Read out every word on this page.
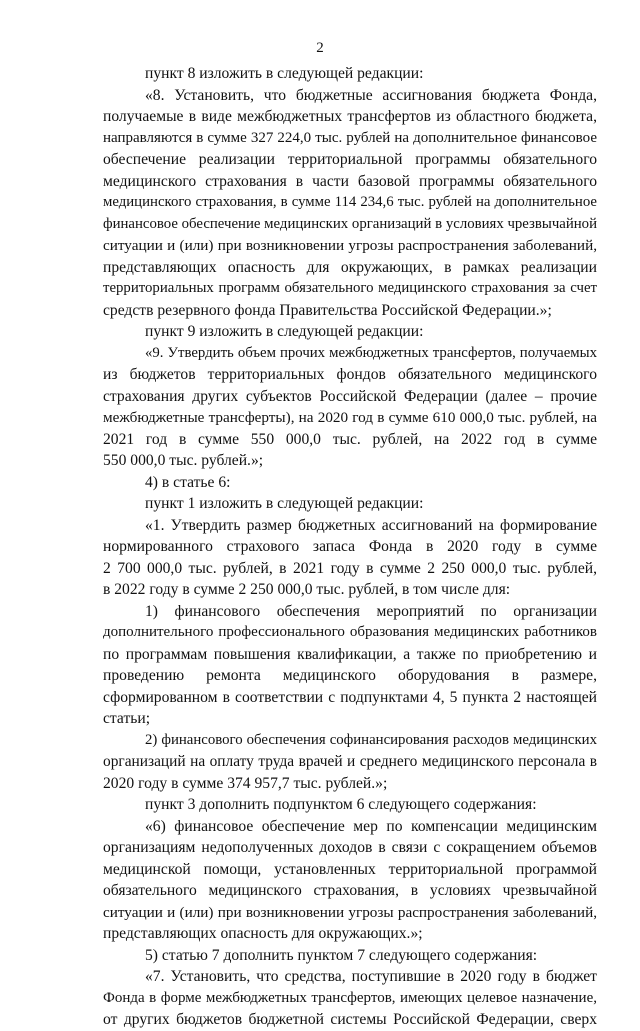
2
пункт 8 изложить в следующей редакции:
«8. Установить, что бюджетные ассигнования бюджета Фонда,
получаемые в виде межбюджетных трансфертов из областного бюджета,
направляются в сумме 327 224,0 тыс. рублей на дополнительное финансовое
обеспечение реализации территориальной программы обязательного
медицинского страхования в части базовой программы обязательного
медицинского страхования, в сумме 114 234,6 тыс. рублей на дополнительное
финансовое обеспечение медицинских организаций в условиях чрезвычайной
ситуации и (или) при возникновении угрозы распространения заболеваний,
представляющих опасность для окружающих, в рамках реализации
территориальных программ обязательного медицинского страхования за счет
средств резервного фонда Правительства Российской Федерации.»;
пункт 9 изложить в следующей редакции:
«9. Утвердить объем прочих межбюджетных трансфертов, получаемых
из бюджетов территориальных фондов обязательного медицинского
страхования других субъектов Российской Федерации (далее – прочие
межбюджетные трансферты), на 2020 год в сумме 610 000,0 тыс. рублей, на
2021 год в сумме 550 000,0 тыс. рублей, на 2022 год в сумме
550 000,0 тыс. рублей.»;
4) в статье 6:
пункт 1 изложить в следующей редакции:
«1. Утвердить размер бюджетных ассигнований на формирование
нормированного страхового запаса Фонда в 2020 году в сумме
2 700 000,0 тыс. рублей, в 2021 году в сумме 2 250 000,0 тыс. рублей,
в 2022 году в сумме 2 250 000,0 тыс. рублей, в том числе для:
1) финансового обеспечения мероприятий по организации
дополнительного профессионального образования медицинских работников
по программам повышения квалификации, а также по приобретению и
проведению ремонта медицинского оборудования в размере,
сформированном в соответствии с подпунктами 4, 5 пункта 2 настоящей
статьи;
2) финансового обеспечения софинансирования расходов медицинских
организаций на оплату труда врачей и среднего медицинского персонала в
2020 году в сумме 374 957,7 тыс. рублей.»;
пункт 3 дополнить подпунктом 6 следующего содержания:
«6) финансовое обеспечение мер по компенсации медицинским
организациям недополученных доходов в связи с сокращением объемов
медицинской помощи, установленных территориальной программой
обязательного медицинского страхования, в условиях чрезвычайной
ситуации и (или) при возникновении угрозы распространения заболеваний,
представляющих опасность для окружающих.»;
5) статью 7 дополнить пунктом 7 следующего содержания:
«7. Установить, что средства, поступившие в 2020 году в бюджет
Фонда в форме межбюджетных трансфертов, имеющих целевое назначение,
от других бюджетов бюджетной системы Российской Федерации, сверх
